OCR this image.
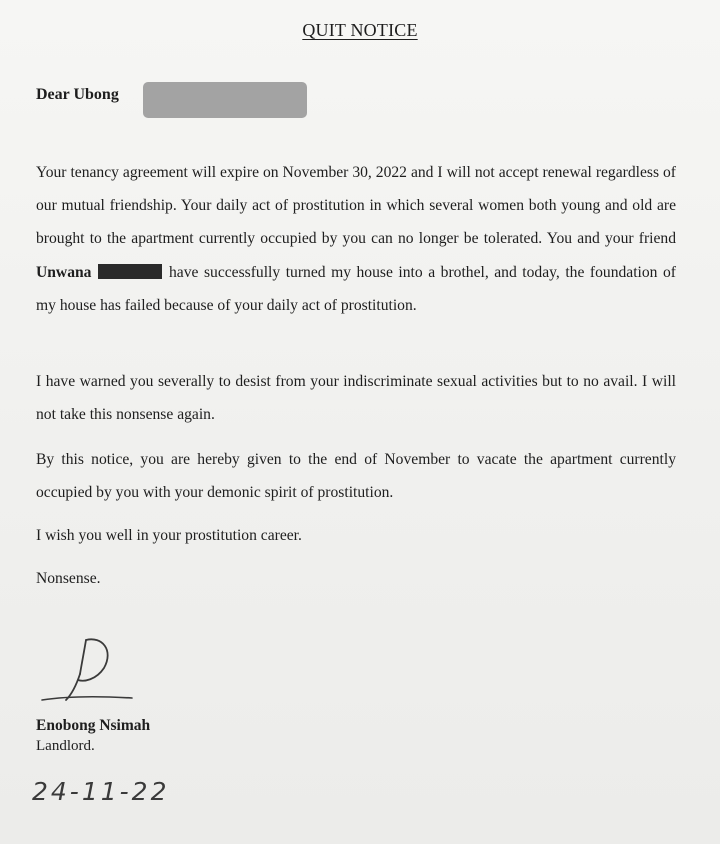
QUIT NOTICE

Dear Ubong

Your tenancy agreement will expire on November 30, 2022 and I will not accept renewal regardless of our mutual friendship. Your daily act of prostitution in which several women both young and old are brought to the apartment currently occupied by you can no longer be tolerated. You and your friend Unwana	have successfully turned my house into a brothel, and today, the foundation of my house has failed because of your daily act of prostitution.

I have warned you severally to desist from your indiscriminate sexual activities but to no avail. I will not take this nonsense again.

By this notice, you are hereby given to the end of November to vacate the apartment currently occupied by you with your demonic spirit of prostitution.

I wish you well in your prostitution career.

Nonsense.

Enobong Nsimah

Landlord.

24-11-22
